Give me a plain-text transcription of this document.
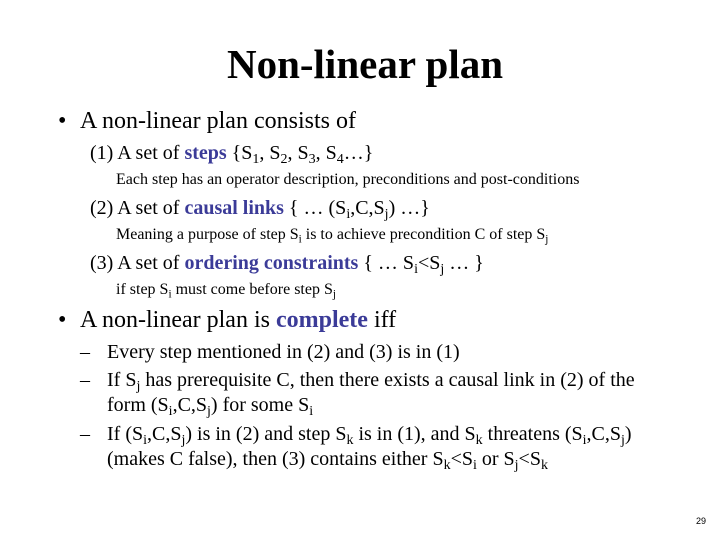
Non-linear plan
• A non-linear plan consists of
(1) A set of steps {$S_1$, $S_2$, $S_3$, $S_4\dots$}
Each step has an operator description, preconditions and post-conditions
(2) A set of causal links { … $(S_i,C,S_j)$ …}
Meaning a purpose of step $S_i$ is to achieve precondition C of step $S_j$
(3) A set of ordering constraints { … $S_i<S_j$ … }
if step $S_i$ must come before step $S_j$
• A non-linear plan is complete iff
– Every step mentioned in (2) and (3) is in (1)
– If $S_j$ has prerequisite C, then there exists a causal link in (2) of the
form $(S_i,C,S_j)$ for some $S_i$
– If $(S_i,C,S_j)$ is in (2) and step $S_k$ is in (1), and $S_k$ threatens $(S_i,C,S_j)$
(makes C false), then (3) contains either $S_k<S_i$ or $S_j<S_k$
29
